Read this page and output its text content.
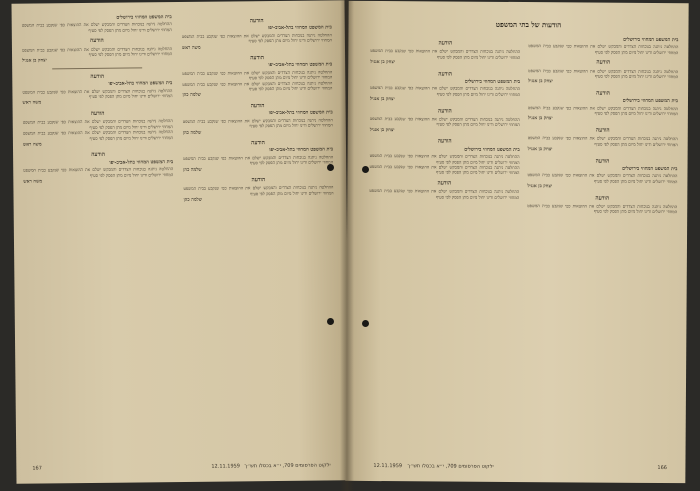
הודעה
בית המשפט המחוזי בתל-אביב-יפו
ההחלטה ניתנה בנוכחות הצדדים והמבקש ישלם את ההוצאות כפי שנקבע בבית המשפט המחוזי ירושלים ודינו יחול מיום מתן הפסק לפי סעיף
משה ראש
הודעה
בית המשפט המחוזי בתל-אביב-יפו
ההחלטה ניתנה בנוכחות הצדדים והמבקש ישלם את ההוצאות כפי שנקבע בבית המשפט המחוזי ירושלים ודינו יחול מיום מתן הפסק לפי סעיף
ההחלטה ניתנה בנוכחות הצדדים והמבקש ישלם את ההוצאות כפי שנקבע בבית המשפט המחוזי ירושלים ודינו יחול מיום מתן הפסק לפי סעיף
שלמה כהן
הודעה
בית המשפט המחוזי בתל-אביב-יפו
ההחלטה ניתנה בנוכחות הצדדים והמבקש ישלם את ההוצאות כפי שנקבע בבית המשפט המחוזי ירושלים ודינו יחול מיום מתן הפסק לפי סעיף
שלמה כהן
הודעה
בית המשפט המחוזי בתל-אביב-יפו
ההחלטה ניתנה בנוכחות הצדדים והמבקש ישלם את ההוצאות כפי שנקבע בבית המשפט המחוזי ירושלים ודינו יחול מיום מתן הפסק לפי סעיף
שלמה כהן
הודעה
ההחלטה ניתנה בנוכחות הצדדים והמבקש ישלם את ההוצאות כפי שנקבע בבית המשפט המחוזי ירושלים ודינו יחול מיום מתן הפסק לפי סעיף
שלמה כהן
בית המשפט המחוזי בירושלים
ההחלטה ניתנה בנוכחות הצדדים והמבקש ישלם את ההוצאות כפי שנקבע בבית המשפט המחוזי ירושלים ודינו יחול מיום מתן הפסק לפי סעיף
הודעה
ההחלטה ניתנה בנוכחות הצדדים והמבקש ישלם את ההוצאות כפי שנקבע בבית המשפט המחוזי ירושלים ודינו יחול מיום מתן הפסק לפי סעיף
יצחק בן אנגיל
הודעה
בית המשפט המחוזי בתל-אביב-יפו
ההחלטה ניתנה בנוכחות הצדדים והמבקש ישלם את ההוצאות כפי שנקבע בבית המשפט המחוזי ירושלים ודינו יחול מיום מתן הפסק לפי סעיף
משה ראש
הודעה
ההחלטה ניתנה בנוכחות הצדדים והמבקש ישלם את ההוצאות כפי שנקבע בבית המשפט המחוזי ירושלים ודינו יחול מיום מתן הפסק לפי סעיף
ההחלטה ניתנה בנוכחות הצדדים והמבקש ישלם את ההוצאות כפי שנקבע בבית המשפט המחוזי ירושלים ודינו יחול מיום מתן הפסק לפי סעיף
משה ראש
הודעה
בית המשפט המחוזי בתל-אביב-יפו
ההחלטה ניתנה בנוכחות הצדדים והמבקש ישלם את ההוצאות כפי שנקבע בבית המשפט המחוזי ירושלים ודינו יחול מיום מתן הפסק לפי סעיף
משה ראש
167	12.11.1959 ילקוט הפרסומים 709, י״א בכסלו תש״ך
הודעות של בתי המשפט
בית המשפט המחוזי בירושלים
ההחלטה ניתנה בנוכחות הצדדים והמבקש ישלם את ההוצאות כפי שנקבע בבית המשפט המחוזי ירושלים ודינו יחול מיום מתן הפסק לפי סעיף
הודעה
ההחלטה ניתנה בנוכחות הצדדים והמבקש ישלם את ההוצאות כפי שנקבע בבית המשפט המחוזי ירושלים ודינו יחול מיום מתן הפסק לפי סעיף
יצחק בן אנגיל
הודעה
בית המשפט המחוזי בירושלים
ההחלטה ניתנה בנוכחות הצדדים והמבקש ישלם את ההוצאות כפי שנקבע בבית המשפט המחוזי ירושלים ודינו יחול מיום מתן הפסק לפי סעיף
יצחק בן אנגיל
הודעה
ההחלטה ניתנה בנוכחות הצדדים והמבקש ישלם את ההוצאות כפי שנקבע בבית המשפט המחוזי ירושלים ודינו יחול מיום מתן הפסק לפי סעיף
יצחק בן אנגיל
הודעה
בית המשפט המחוזי בירושלים
ההחלטה ניתנה בנוכחות הצדדים והמבקש ישלם את ההוצאות כפי שנקבע בבית המשפט המחוזי ירושלים ודינו יחול מיום מתן הפסק לפי סעיף
יצחק בן אנגיל
הודעה
ההחלטה ניתנה בנוכחות הצדדים והמבקש ישלם את ההוצאות כפי שנקבע בבית המשפט המחוזי ירושלים ודינו יחול מיום מתן הפסק לפי סעיף
הודעה
ההחלטה ניתנה בנוכחות הצדדים והמבקש ישלם את ההוצאות כפי שנקבע בבית המשפט המחוזי ירושלים ודינו יחול מיום מתן הפסק לפי סעיף
יצחק בן אנגיל
הודעה
בית המשפט המחוזי בירושלים
ההחלטה ניתנה בנוכחות הצדדים והמבקש ישלם את ההוצאות כפי שנקבע בבית המשפט המחוזי ירושלים ודינו יחול מיום מתן הפסק לפי סעיף
יצחק בן אנגיל
הודעה
ההחלטה ניתנה בנוכחות הצדדים והמבקש ישלם את ההוצאות כפי שנקבע בבית המשפט המחוזי ירושלים ודינו יחול מיום מתן הפסק לפי סעיף
יצחק בן אנגיל
הודעה
בית המשפט המחוזי בירושלים
ההחלטה ניתנה בנוכחות הצדדים והמבקש ישלם את ההוצאות כפי שנקבע בבית המשפט המחוזי ירושלים ודינו יחול מיום מתן הפסק לפי סעיף
ההחלטה ניתנה בנוכחות הצדדים והמבקש ישלם את ההוצאות כפי שנקבע בבית המשפט המחוזי ירושלים ודינו יחול מיום מתן הפסק לפי סעיף
הודעה
ההחלטה ניתנה בנוכחות הצדדים והמבקש ישלם את ההוצאות כפי שנקבע בבית המשפט המחוזי ירושלים ודינו יחול מיום מתן הפסק לפי סעיף
12.11.1959 ילקוט הפרסומים 709, י״א בכסלו תש״ך	166
